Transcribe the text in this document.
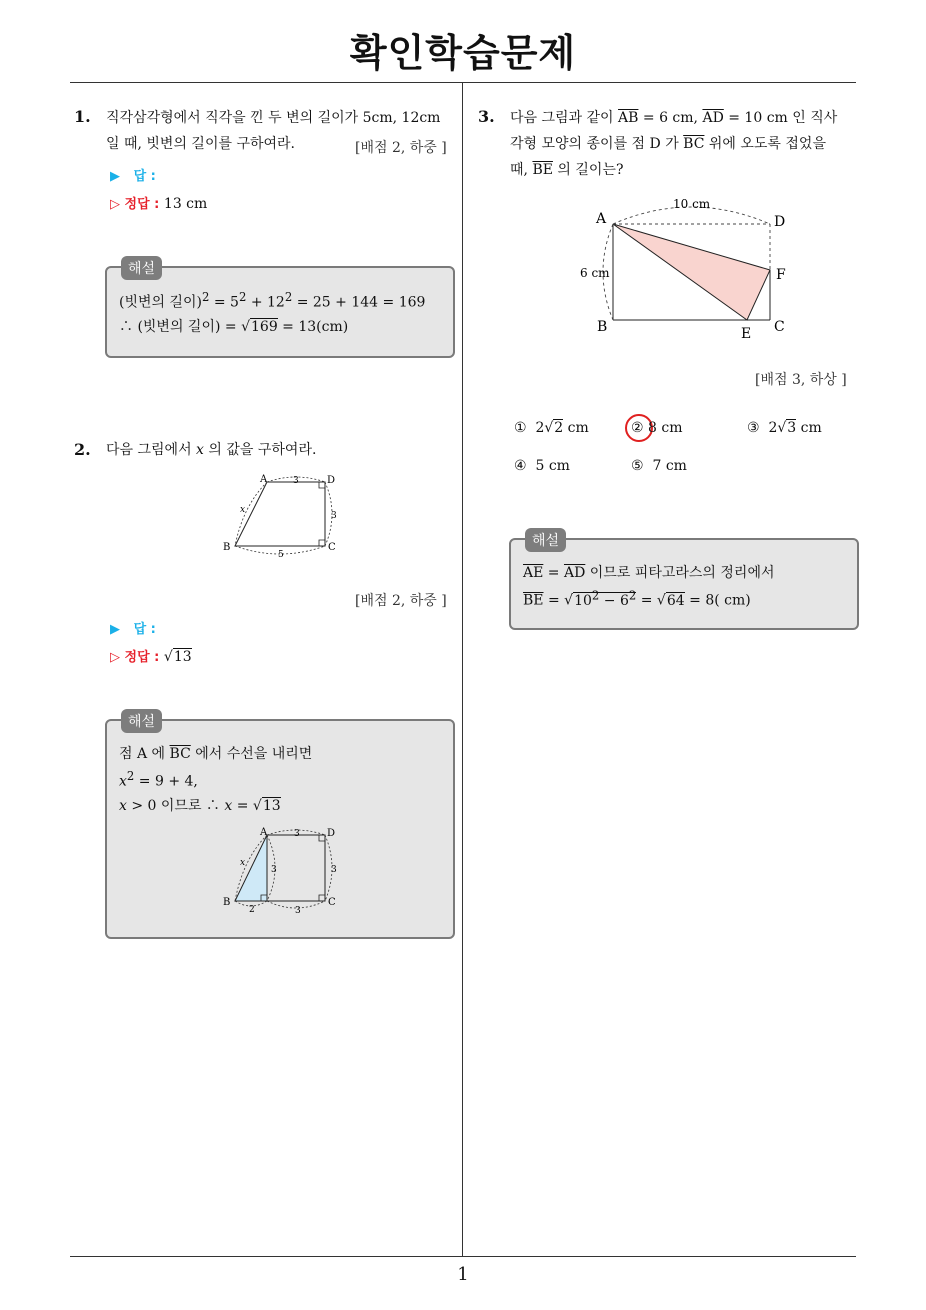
확인학습문제
1
1. 직각삼각형에서 직각을 낀 두 변의 길이가 5cm, 12cm
일 때, 빗변의 길이를 구하여라.	[배점 2, 하중 ]
▶ 답 :
▷ 정답 : 13 cm
해설
(빗변의 길이)$^2 = 5^2 + 12^2 = 25 + 144 = 169$
∴ (빗변의 길이) = √169 = 13(cm)
2. 다음 그림에서 x 의 값을 구하여라.
A	D
B	C
3
5
3
x
[배점 2, 하중 ]
▶ 답 :
▷ 정답 : √13
해설
점 A 에 $\overline{BC}$ 에서 수선을 내리면
$x^2 = 9 + 4$,
x > 0 이므로 ∴ x = √13
A	D
B	C
3
3	3
2	3
x
3. 다음 그림과 같이 $\overline{AB} = 6$ cm, $\overline{AD} = 10$ cm 인 직사
각형 모양의 종이를 점 D 가 $\overline{BC}$ 위에 오도록 접었을
때, $\overline{BE}$ 의 길이는?
A	D
F
B	C
E
10 cm
6 cm
[배점 3, 하상 ]
① 2√2 cm	② 8 cm	③ 2√3 cm
④ 5 cm	⑤ 7 cm
해설
$\overline{AE} = \overline{AD}$ 이므로 피타고라스의 정리에서
$\overline{BE} = √10^2 - 6^2 = √64 = 8$( cm)
